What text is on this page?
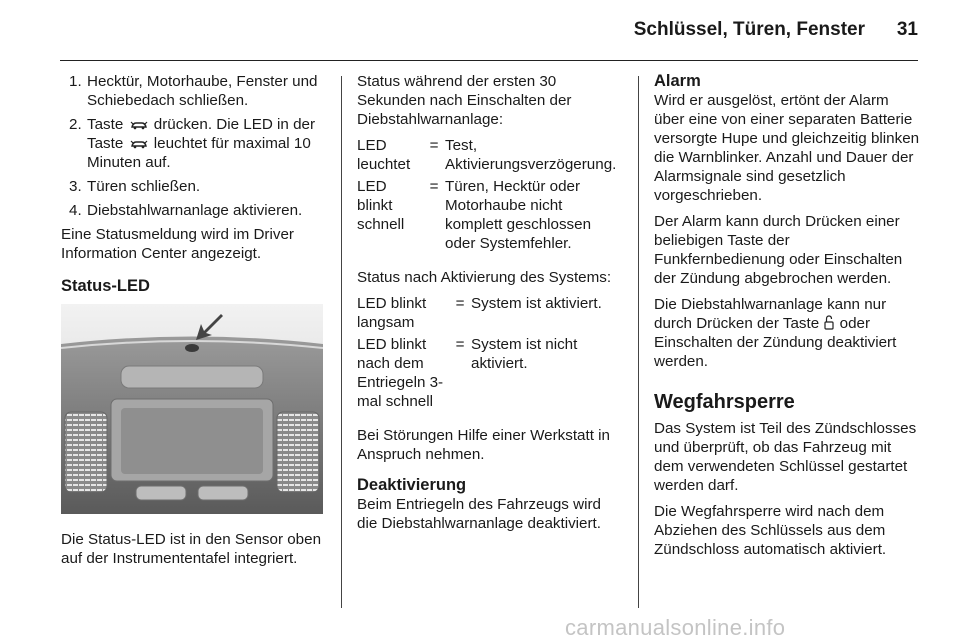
Schlüssel, Türen, Fenster 31
1. Hecktür, Motorhaube, Fenster und Schiebedach schließen.
2. Taste drücken. Die LED in der Taste leuchtet für maximal 10 Minuten auf.
3. Türen schließen.
4. Diebstahlwarnanlage aktivieren.

Eine Statusmeldung wird im Driver Information Center angezeigt.

Status-LED

Die Status-LED ist in den Sensor oben auf der Instrumententafel integriert.

Status während der ersten 30 Sekunden nach Einschalten der Diebstahlwarnanlage:

LED leuchtet	=	Test, Aktivierungsverzögerung.
LED blinkt schnell	=	Türen, Hecktür oder Motorhaube nicht komplett geschlossen oder Systemfehler.

Status nach Aktivierung des Systems:

LED blinkt langsam	=	System ist aktiviert.
LED blinkt nach dem Entriegeln 3-mal schnell	=	System ist nicht aktiviert.

Bei Störungen Hilfe einer Werkstatt in Anspruch nehmen.

Deaktivierung

Beim Entriegeln des Fahrzeugs wird die Diebstahlwarnanlage deaktiviert.

Alarm

Wird er ausgelöst, ertönt der Alarm über eine von einer separaten Batterie versorgte Hupe und gleichzeitig blinken die Warnblinker. Anzahl und Dauer der Alarmsignale sind gesetzlich vorgeschrieben.

Der Alarm kann durch Drücken einer beliebigen Taste der Funkfernbedienung oder Einschalten der Zündung abgebrochen werden.

Die Diebstahlwarnanlage kann nur durch Drücken der Taste oder Einschalten der Zündung deaktiviert werden.

Wegfahrsperre

Das System ist Teil des Zündschlosses und überprüft, ob das Fahrzeug mit dem verwendeten Schlüssel gestartet werden darf.

Die Wegfahrsperre wird nach dem Abziehen des Schlüssels aus dem Zündschloss automatisch aktiviert.

carmanualsonline.info
